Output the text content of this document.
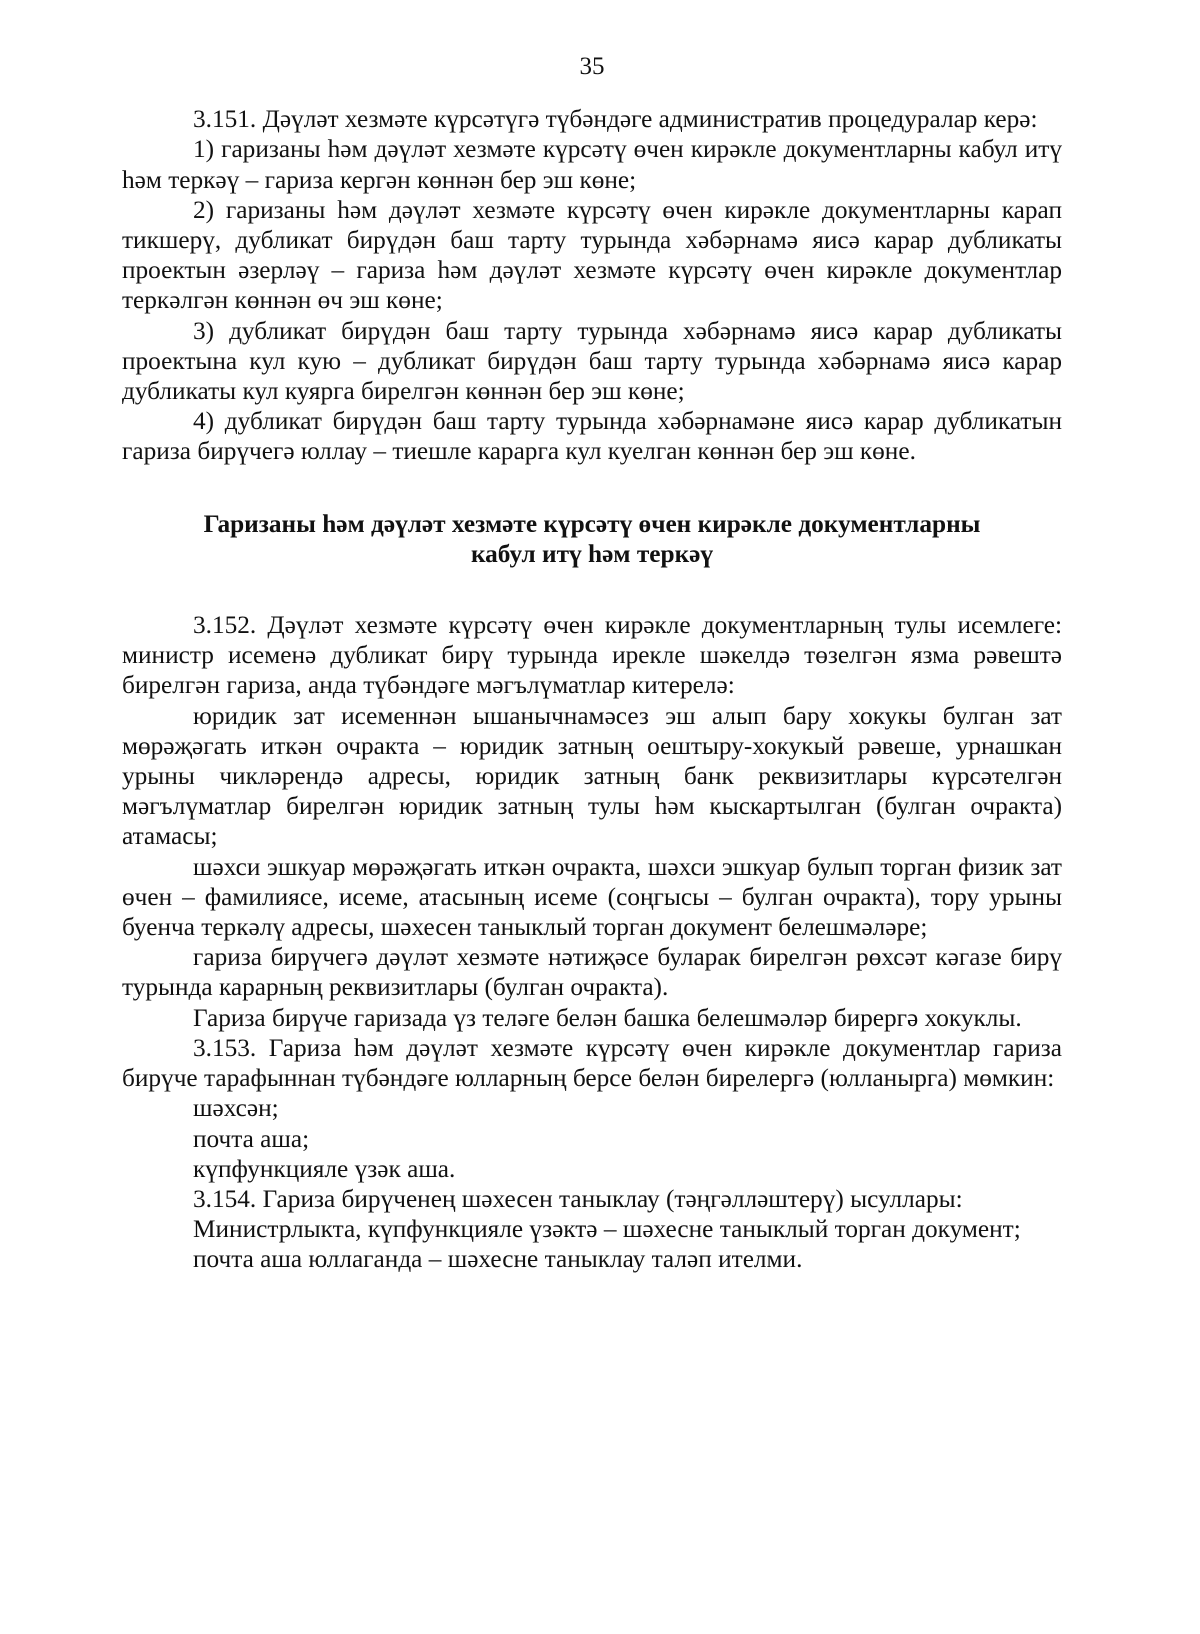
35

3.151. Дәүләт хезмәте күрсәтүгә түбәндәге административ процедуралар керә:

1) гаризаны һәм дәүләт хезмәте күрсәтү өчен кирәкле документларны кабул итү һәм теркәү – гариза кергән көннән бер эш көне;

2) гаризаны һәм дәүләт хезмәте күрсәтү өчен кирәкле документларны карап тикшерү, дубликат бирүдән баш тарту турында хәбәрнамә яисә карар дубликаты проектын әзерләү – гариза һәм дәүләт хезмәте күрсәтү өчен кирәкле документлар теркәлгән көннән өч эш көне;

3) дубликат бирүдән баш тарту турында хәбәрнамә яисә карар дубликаты проектына кул кую – дубликат бирүдән баш тарту турында хәбәрнамә яисә карар дубликаты кул куярга бирелгән көннән бер эш көне;

4) дубликат бирүдән баш тарту турында хәбәрнамәне яисә карар дубликатын гариза бирүчегә юллау – тиешле карарга кул куелган көннән бер эш көне.

Гаризаны һәм дәүләт хезмәте күрсәтү өчен кирәкле документларны
кабул итү һәм теркәү

3.152. Дәүләт хезмәте күрсәтү өчен кирәкле документларның тулы исемлеге: министр исеменә дубликат бирү турында ирекле шәкелдә төзелгән язма рәвештә бирелгән гариза, анда түбәндәге мәгълүматлар китерелә:

юридик зат исеменнән ышанычнамәсез эш алып бару хокукы булган зат мөрәҗәгать иткән очракта – юридик затның оештыру-хокукый рәвеше, урнашкан урыны чикләрендә адресы, юридик затның банк реквизитлары күрсәтелгән мәгълүматлар бирелгән юридик затның тулы һәм кыскартылган (булган очракта) атамасы;

шәхси эшкуар мөрәҗәгать иткән очракта, шәхси эшкуар булып торган физик зат өчен – фамилиясе, исеме, атасының исеме (соңгысы – булган очракта), тору урыны буенча теркәлү адресы, шәхесен таныклый торган документ белешмәләре;

гариза бирүчегә дәүләт хезмәте нәтиҗәсе буларак бирелгән рөхсәт кәгазе бирү турында карарның реквизитлары (булган очракта).

Гариза бирүче гаризада үз теләге белән башка белешмәләр бирергә хокуклы.

3.153. Гариза һәм дәүләт хезмәте күрсәтү өчен кирәкле документлар гариза бирүче тарафыннан түбәндәге юлларның берсе белән бирелергә (юлланырга) мөмкин:

шәхсән;

почта аша;

күпфункцияле үзәк аша.

3.154. Гариза бирүченең шәхесен таныклау (тәңгәлләштерү) ысуллары:

Министрлыкта, күпфункцияле үзәктә – шәхесне таныклый торган документ;

почта аша юллаганда – шәхесне таныклау таләп ителми.
